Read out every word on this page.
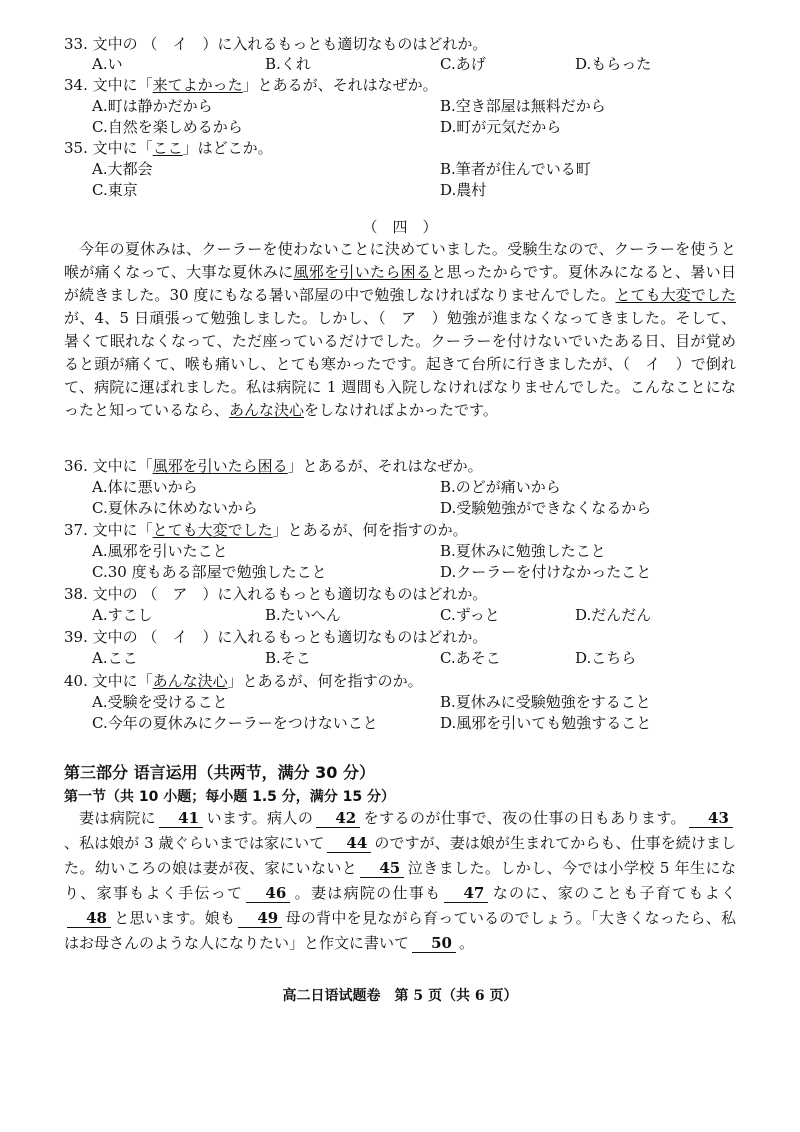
33. 文中の （　イ　）に入れるもっとも適切なものはどれか。
A.い	B.くれ	C.あげ	D.もらった
34. 文中に「来てよかった」とあるが、それはなぜか。
A.町は静かだから	B.空き部屋は無料だから
C.自然を楽しめるから	D.町が元気だから
35. 文中に「ここ」はどこか。
A.大都会	B.筆者が住んでいる町
C.東京	D.農村
（　四　）
今年の夏休みは、クーラーを使わないことに決めていました。受験生なので、クーラーを使うと喉が痛くなって、大事な夏休みに風邪を引いたら困ると思ったからです。夏休みになると、暑い日が続きました。30 度にもなる暑い部屋の中で勉強しなければなりませんでした。とても大変でしたが、4、5 日頑張って勉強しました。しかし、（　ア　）勉強が進まなくなってきました。そして、暑くて眠れなくなって、ただ座っているだけでした。クーラーを付けないでいたある日、目が覚めると頭が痛くて、喉も痛いし、とても寒かったです。起きて台所に行きましたが、（　イ　）で倒れて、病院に運ばれました。私は病院に 1 週間も入院しなければなりませんでした。こんなことになったと知っているなら、あんな決心をしなければよかったです。
36. 文中に「風邪を引いたら困る」とあるが、それはなぜか。
A.体に悪いから	B.のどが痛いから
C.夏休みに休めないから	D.受験勉強ができなくなるから
37. 文中に「とても大変でした」とあるが、何を指すのか。
A.風邪を引いたこと	B.夏休みに勉強したこと
C.30 度もある部屋で勉強したこと	D.クーラーを付けなかったこと
38. 文中の （　ア　）に入れるもっとも適切なものはどれか。
A.すこし	B.たいへん	C.ずっと	D.だんだん
39. 文中の （　イ　）に入れるもっとも適切なものはどれか。
A.ここ	B.そこ	C.あそこ	D.こちら
40. 文中に「あんな決心」とあるが、何を指すのか。
A.受験を受けること	B.夏休みに受験勉強をすること
C.今年の夏休みにクーラーをつけないこと	D.風邪を引いても勉強すること
第三部分 语言运用（共两节，满分 30 分）
第一节（共 10 小题；每小题 1.5 分，满分 15 分）
妻は病院に 41 います。病人の 42 をするのが仕事で、夜の仕事の日もあります。 43、私は娘が 3 歳ぐらいまでは家にいて 44 のですが、妻は娘が生まれてからも、仕事を続けました。幼いころの娘は妻が夜、家にいないと 45 泣きました。しかし、今では小学校 5 年生になり、家事もよく手伝って 46 。妻は病院の仕事も 47 なのに、家のことも子育てもよく48 と思います。娘も 49 母の背中を見ながら育っているのでしょう。「大きくなったら、私はお母さんのような人になりたい」と作文に書いて 50 。
高二日语试题卷　第 5 页（共 6 页）
